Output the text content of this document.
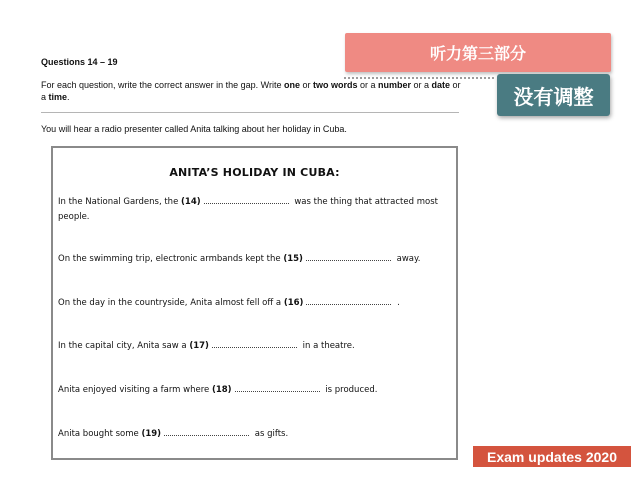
Questions 14 – 19

For each question, write the correct answer in the gap. Write one or two words or a number or a date or a time.

You will hear a radio presenter called Anita talking about her holiday in Cuba.

听力第三部分
没有调整
ANITA’S HOLIDAY IN CUBA:

In the National Gardens, the (14)	was the thing that attracted most people.

On the swimming trip, electronic armbands kept the (15)	away.

On the day in the countryside, Anita almost fell off a (16)	.

In the capital city, Anita saw a (17)	in a theatre.

Anita enjoyed visiting a farm where (18)	is produced.

Anita bought some (19)	as gifts.

Exam updates 2020
